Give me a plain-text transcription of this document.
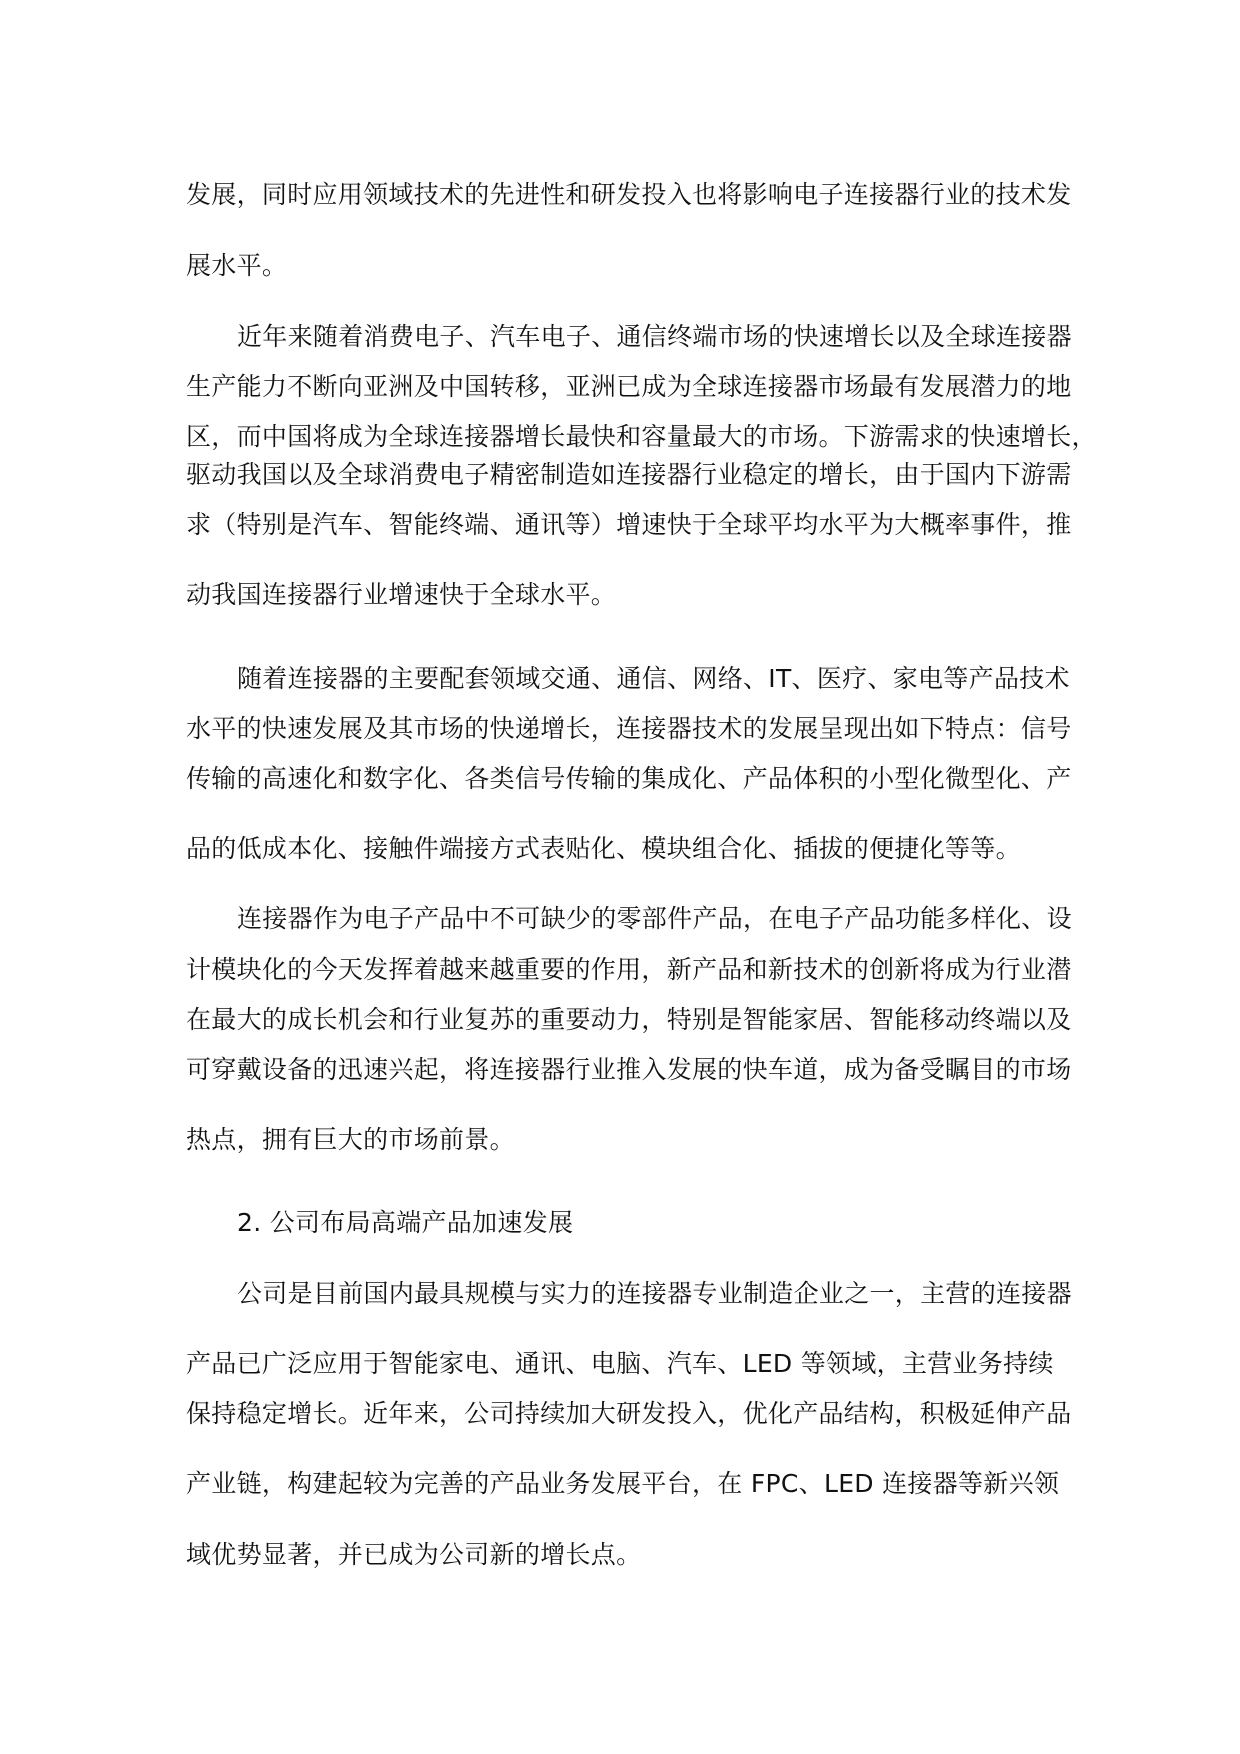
发展，同时应用领域技术的先进性和研发投入也将影响电子连接器行业的技术发
展水平。
近年来随着消费电子、汽车电子、通信终端市场的快速增长以及全球连接器
生产能力不断向亚洲及中国转移，亚洲已成为全球连接器市场最有发展潜力的地
区，而中国将成为全球连接器增长最快和容量最大的市场。下游需求的快速增长，
驱动我国以及全球消费电子精密制造如连接器行业稳定的增长，由于国内下游需
求（特别是汽车、智能终端、通讯等）增速快于全球平均水平为大概率事件，推
动我国连接器行业增速快于全球水平。
随着连接器的主要配套领域交通、通信、网络、IT、医疗、家电等产品技术
水平的快速发展及其市场的快递增长，连接器技术的发展呈现出如下特点：信号
传输的高速化和数字化、各类信号传输的集成化、产品体积的小型化微型化、产
品的低成本化、接触件端接方式表贴化、模块组合化、插拔的便捷化等等。
连接器作为电子产品中不可缺少的零部件产品，在电子产品功能多样化、设
计模块化的今天发挥着越来越重要的作用，新产品和新技术的创新将成为行业潜
在最大的成长机会和行业复苏的重要动力，特别是智能家居、智能移动终端以及
可穿戴设备的迅速兴起，将连接器行业推入发展的快车道，成为备受瞩目的市场
热点，拥有巨大的市场前景。
2. 公司布局高端产品加速发展
公司是目前国内最具规模与实力的连接器专业制造企业之一，主营的连接器
产品已广泛应用于智能家电、通讯、电脑、汽车、LED 等领域，主营业务持续
保持稳定增长。近年来，公司持续加大研发投入，优化产品结构，积极延伸产品
产业链，构建起较为完善的产品业务发展平台，在 FPC、LED 连接器等新兴领
域优势显著，并已成为公司新的增长点。
